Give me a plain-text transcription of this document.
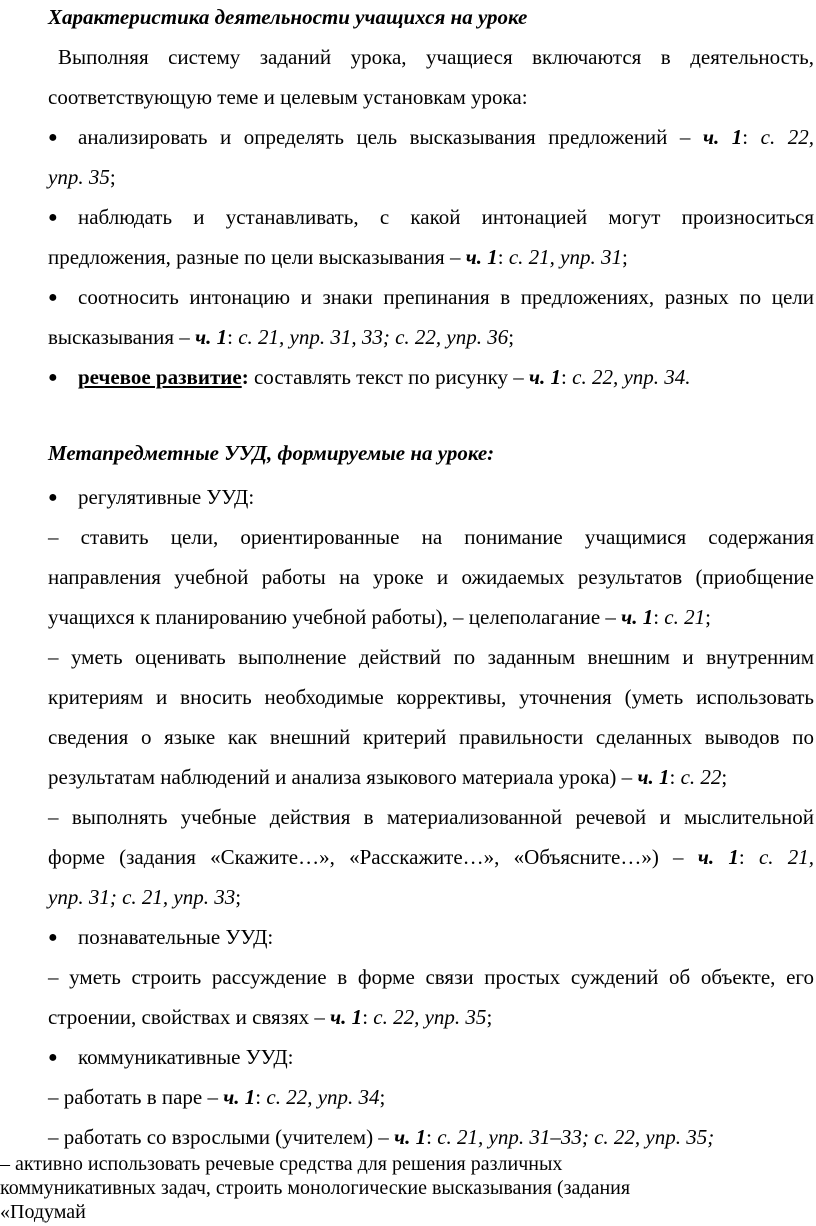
Характеристика деятельности учащихся на уроке
Выполняя систему заданий урока, учащиеся включаются в деятельность,
соответствующую теме и целевым установкам урока:
● анализировать и определять цель высказывания предложений – ч. 1: с. 22,
упр. 35;
● наблюдать и устанавливать, с какой интонацией могут произноситься
предложения, разные по цели высказывания – ч. 1: с. 21, упр. 31;
● соотносить интонацию и знаки препинания в предложениях, разных по цели
высказывания – ч. 1: с. 21, упр. 31, 33; с. 22, упр. 36;
● речевое развитие: составлять текст по рисунку – ч. 1: с. 22, упр. 34.
Метапредметные УУД, формируемые на уроке:
● регулятивные УУД:
– ставить цели, ориентированные на понимание учащимися содержания
направления учебной работы на уроке и ожидаемых результатов (приобщение
учащихся к планированию учебной работы), – целеполагание – ч. 1: с. 21;
– уметь оценивать выполнение действий по заданным внешним и внутренним
критериям и вносить необходимые коррективы, уточнения (уметь использовать
сведения о языке как внешний критерий правильности сделанных выводов по
результатам наблюдений и анализа языкового материала урока) – ч. 1: с. 22;
– выполнять учебные действия в материализованной речевой и мыслительной
форме (задания «Скажите…», «Расскажите…», «Объясните…») – ч. 1: с. 21,
упр. 31; с. 21, упр. 33;
● познавательные УУД:
– уметь строить рассуждение в форме связи простых суждений об объекте, его
строении, свойствах и связях – ч. 1: с. 22, упр. 35;
● коммуникативные УУД:
– работать в паре – ч. 1: с. 22, упр. 34;
– работать со взрослыми (учителем) – ч. 1: с. 21, упр. 31–33; с. 22, упр. 35;
– активно использовать речевые средства для решения различных
коммуникативных задач, строить монологические высказывания (задания
«Подумай
